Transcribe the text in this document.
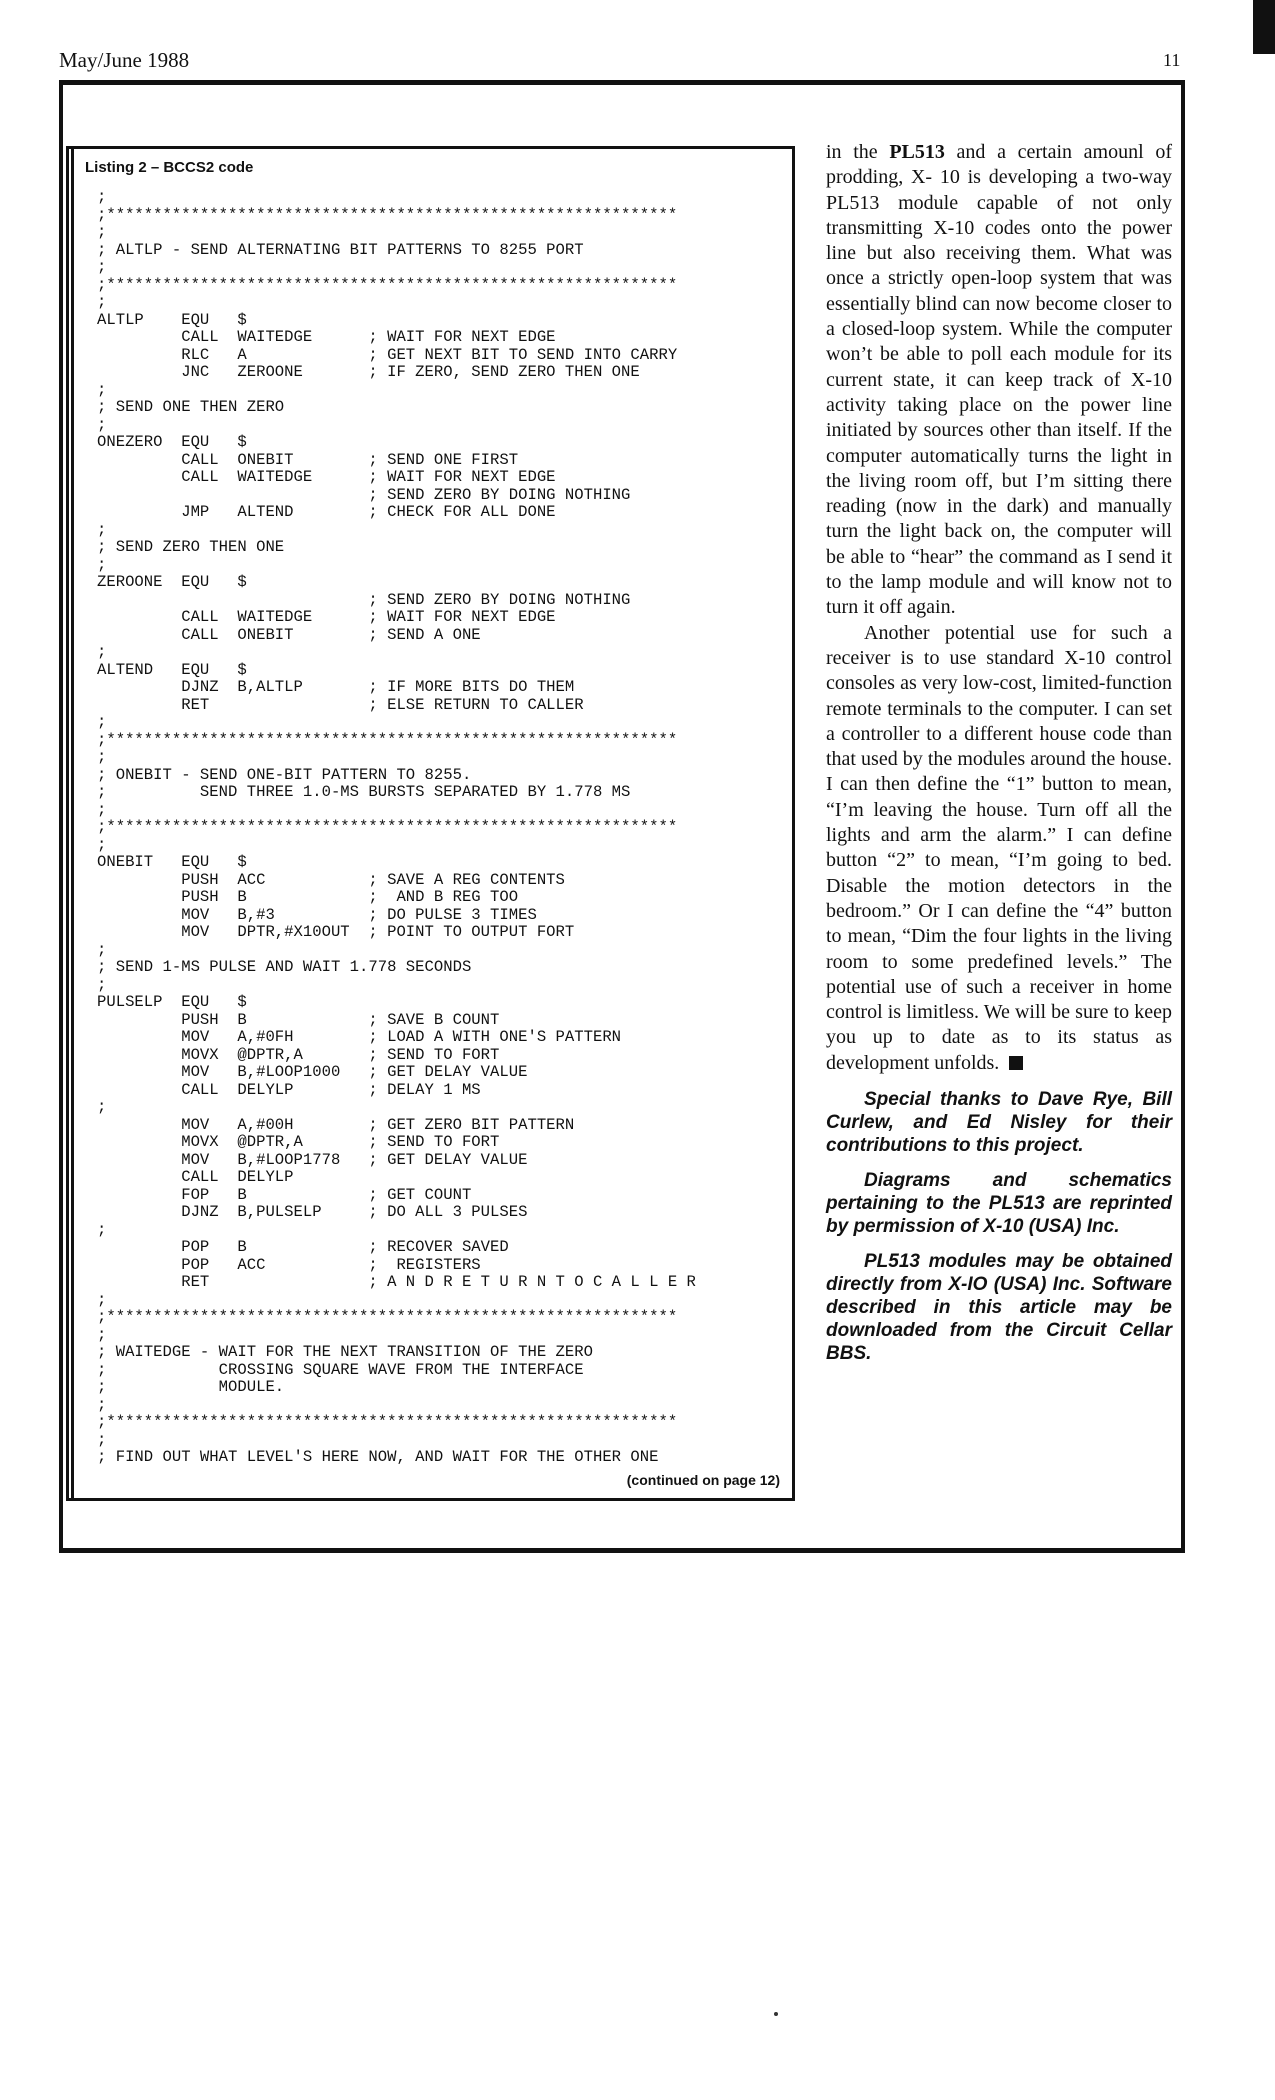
May/June 1988	11
Listing 2 – BCCS2 code
;
;*************************************************************
;
; ALTLP - SEND ALTERNATING BIT PATTERNS TO 8255 PORT
;
;*************************************************************
;
ALTLP    EQU   $
CALL  WAITEDGE      ; WAIT FOR NEXT EDGE
RLC   A             ; GET NEXT BIT TO SEND INTO CARRY
JNC   ZEROONE       ; IF ZERO, SEND ZERO THEN ONE
;
; SEND ONE THEN ZERO
;
ONEZERO  EQU   $
CALL  ONEBIT        ; SEND ONE FIRST
CALL  WAITEDGE      ; WAIT FOR NEXT EDGE
; SEND ZERO BY DOING NOTHING
JMP   ALTEND        ; CHECK FOR ALL DONE
;
; SEND ZERO THEN ONE
;
ZEROONE  EQU   $
; SEND ZERO BY DOING NOTHING
CALL  WAITEDGE      ; WAIT FOR NEXT EDGE
CALL  ONEBIT        ; SEND A ONE
;
ALTEND   EQU   $
DJNZ  B,ALTLP       ; IF MORE BITS DO THEM
RET                 ; ELSE RETURN TO CALLER
;
;*************************************************************
;
; ONEBIT - SEND ONE-BIT PATTERN TO 8255.
;          SEND THREE 1.0-MS BURSTS SEPARATED BY 1.778 MS
;
;*************************************************************
;
ONEBIT   EQU   $
PUSH  ACC           ; SAVE A REG CONTENTS
PUSH  B             ;  AND B REG TOO
MOV   B,#3          ; DO PULSE 3 TIMES
MOV   DPTR,#X10OUT  ; POINT TO OUTPUT FORT
;
; SEND 1-MS PULSE AND WAIT 1.778 SECONDS
;
PULSELP  EQU   $
PUSH  B             ; SAVE B COUNT
MOV   A,#0FH        ; LOAD A WITH ONE'S PATTERN
MOVX  @DPTR,A       ; SEND TO FORT
MOV   B,#LOOP1000   ; GET DELAY VALUE
CALL  DELYLP        ; DELAY 1 MS
;
MOV   A,#00H        ; GET ZERO BIT PATTERN
MOVX  @DPTR,A       ; SEND TO FORT
MOV   B,#LOOP1778   ; GET DELAY VALUE
CALL  DELYLP
FOP   B             ; GET COUNT
DJNZ  B,PULSELP     ; DO ALL 3 PULSES
;
POP   B             ; RECOVER SAVED
POP   ACC           ;  REGISTERS
RET                 ; A N D R E T U R N T O C A L L E R
;
;*************************************************************
;
; WAITEDGE - WAIT FOR THE NEXT TRANSITION OF THE ZERO
;            CROSSING SQUARE WAVE FROM THE INTERFACE
;            MODULE.
;
;*************************************************************
;
; FIND OUT WHAT LEVEL'S HERE NOW, AND WAIT FOR THE OTHER ONE
(continued on page 12)

in the PL513 and a certain amounl of prodding, X- 10 is developing a two-way PL513 module capable of not only transmitting X-10 codes onto the power line but also receiving them. What was once a strictly open-loop system that was essentially blind can now become closer to a closed-loop system. While the computer won’t be able to poll each module for its current state, it can keep track of X-10 activity taking place on the power line initiated by sources other than itself. If the computer automatically turns the light in the living room off, but I’m sitting there reading (now in the dark) and manually turn the light back on, the computer will be able to “hear” the command as I send it to the lamp module and will know not to turn it off again.

Another potential use for such a receiver is to use standard X-10 control consoles as very low-cost, limited-function remote terminals to the computer. I can set a controller to a different house code than that used by the modules around the house. I can then define the “1” button to mean, “I’m leaving the house. Turn off all the lights and arm the alarm.” I can define button “2” to mean, “I’m going to bed. Disable the motion detectors in the bedroom.” Or I can define the “4” button to mean, “Dim the four lights in the living room to some predefined levels.” The potential use of such a receiver in home control is limitless. We will be sure to keep you up to date as to its status as development unfolds.

Special thanks to Dave Rye, Bill Curlew, and Ed Nisley for their contributions to this project.

Diagrams and schematics pertaining to the PL513 are reprinted by permission of X-10 (USA) Inc.

PL513 modules may be obtained directly from X-IO (USA) Inc. Software described in this article may be downloaded from the Circuit Cellar BBS.
